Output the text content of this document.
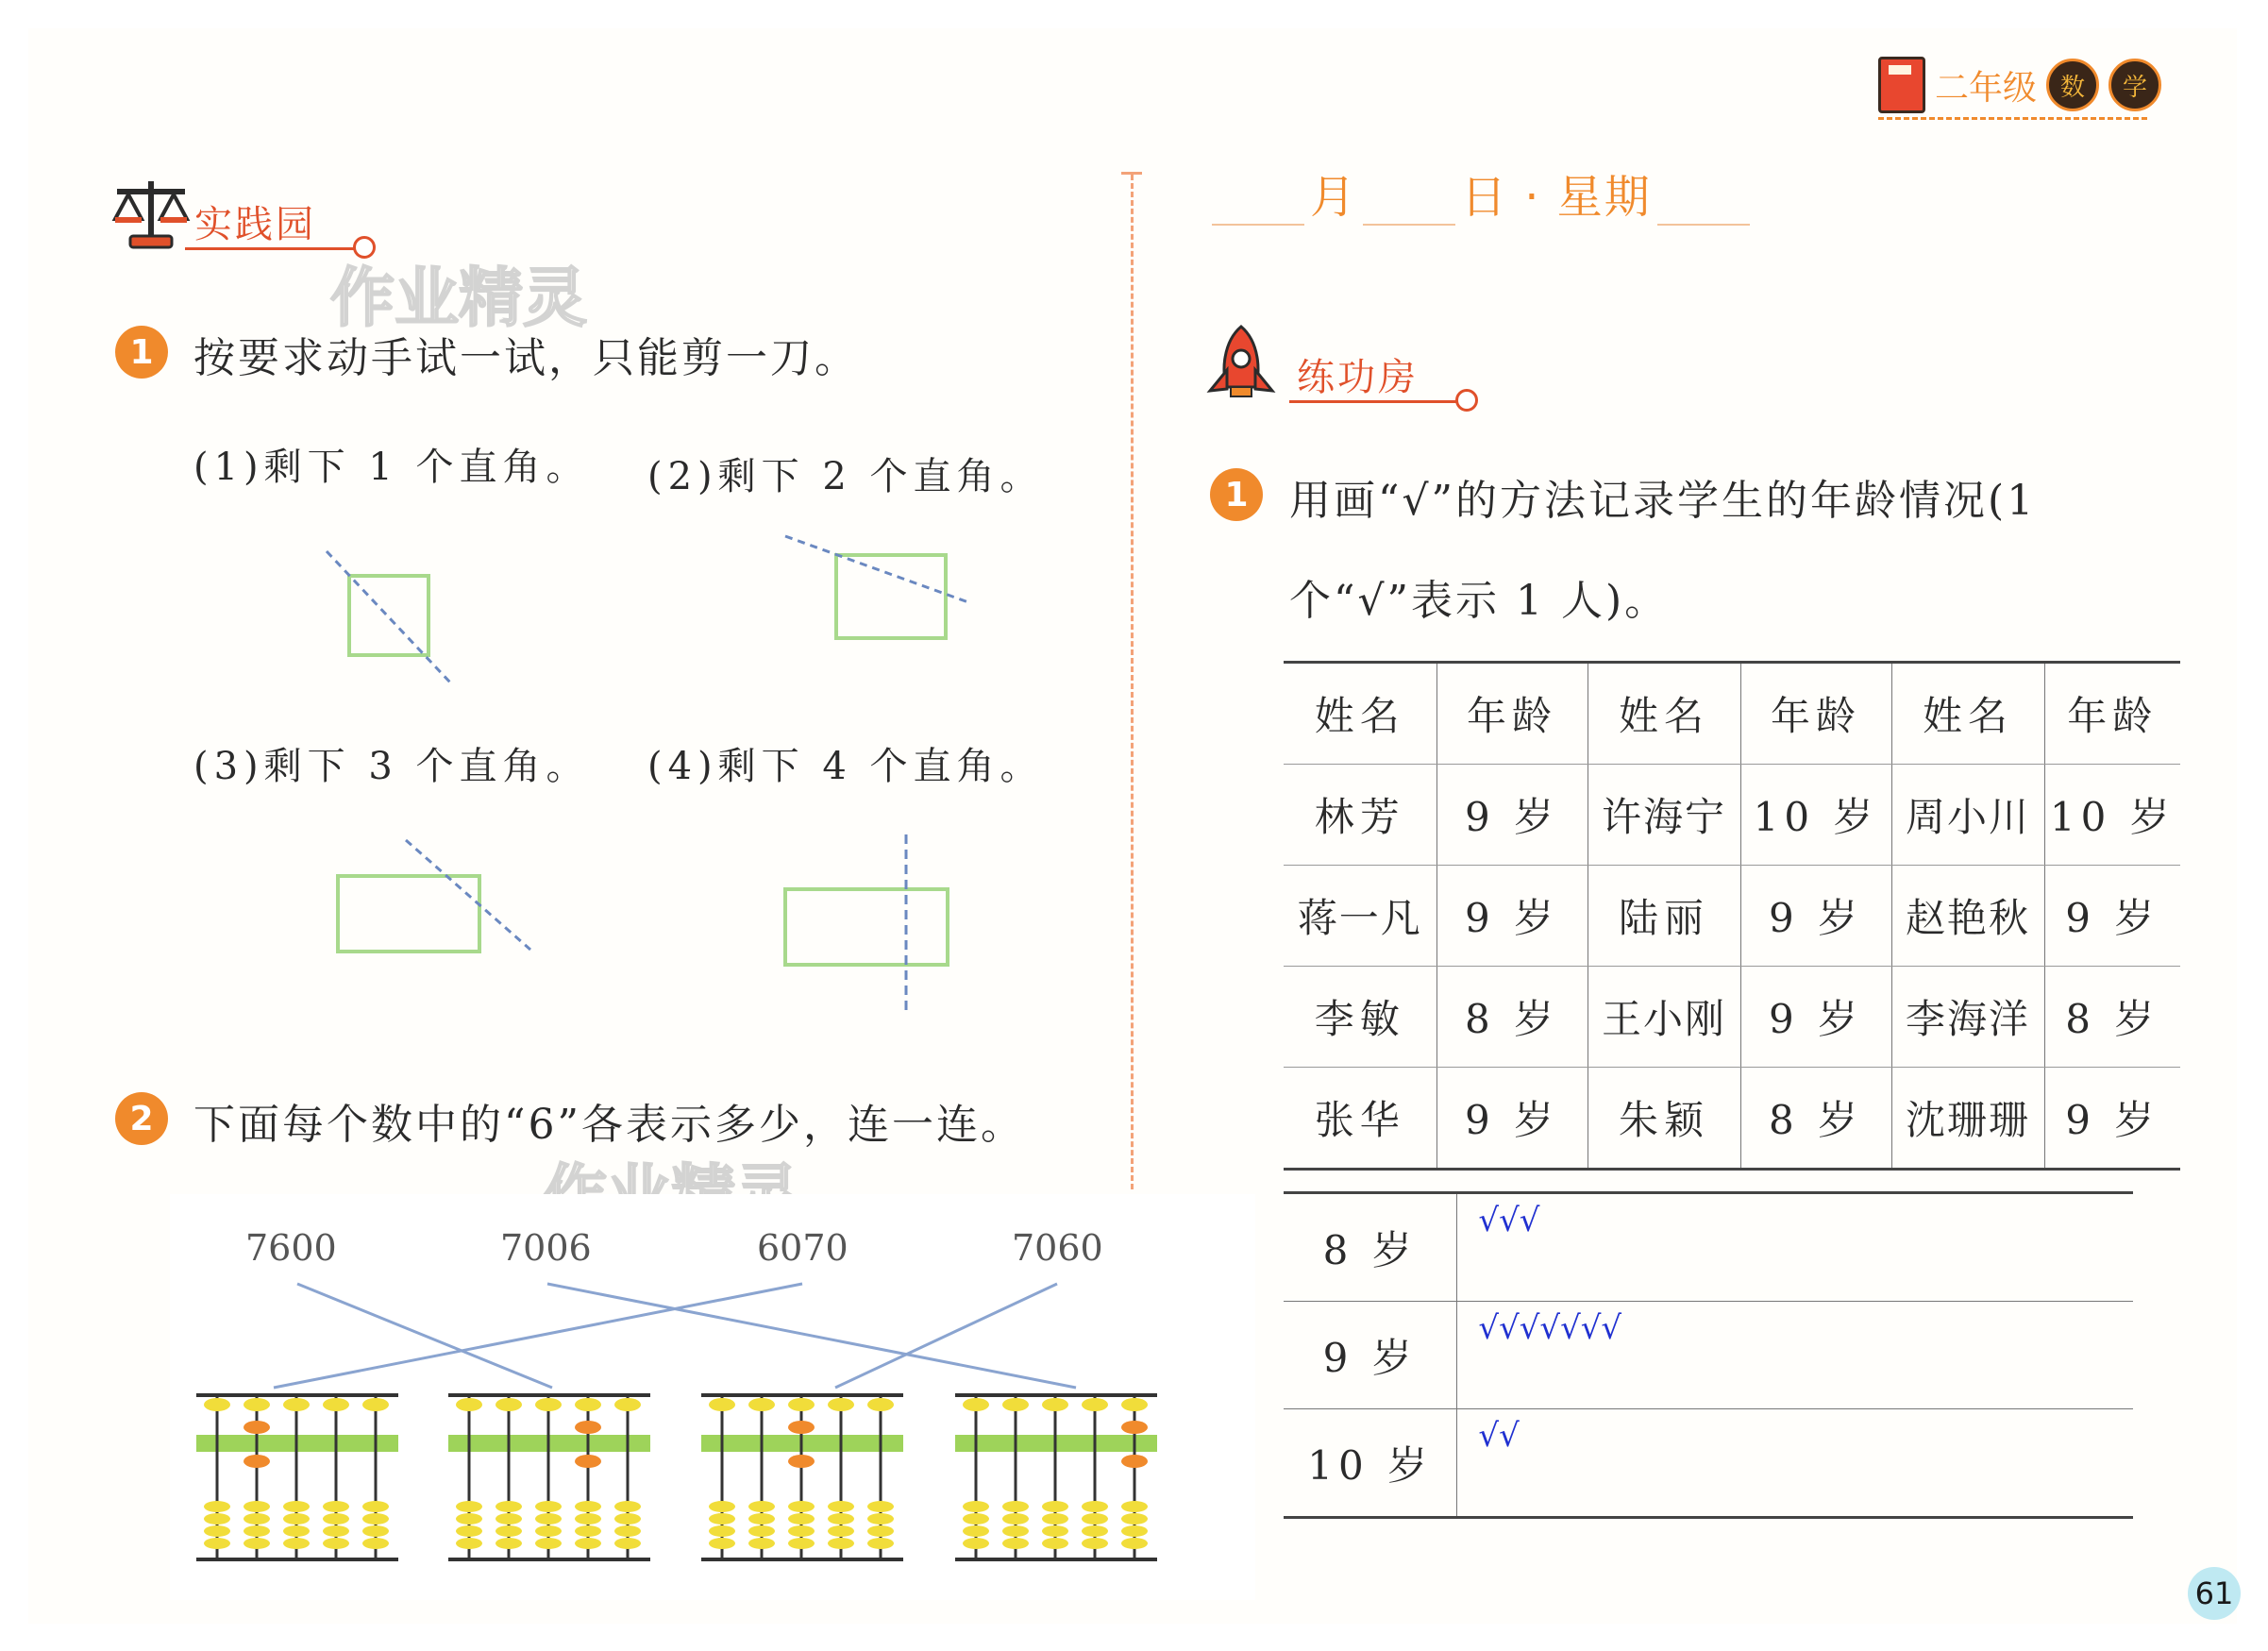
二年级 数	学
实践园
作业精灵
1 按要求动手试一试，只能剪一刀。
(1)剩下 1 个直角。 (2)剩下 2 个直角。
(3)剩下 3 个直角。 (4)剩下 4 个直角。
2 下面每个数中的“6”各表示多少，连一连。
7600	7006	6070	7060
月 日 · 星期
练功房
1 用画“√”的方法记录学生的年龄情况(1
个“√”表示 1 人)。
姓名	年龄	姓名	年龄	姓名	年龄
林芳	9 岁	许海宁	10 岁	周小川	10 岁
蒋一凡	9 岁	陆丽	9 岁	赵艳秋	9 岁
李敏	8 岁	王小刚	9 岁	李海洋	8 岁
张华	9 岁	朱颖	8 岁	沈珊珊	9 岁
8 岁	√√√
9 岁	√√√√√√√
10 岁	√√
61
